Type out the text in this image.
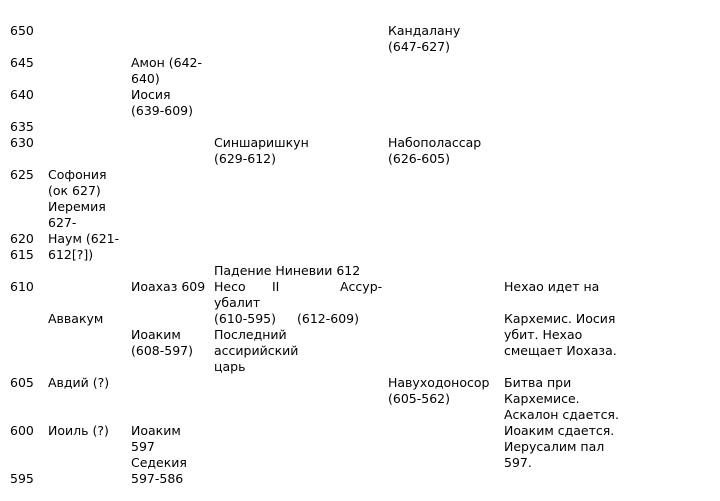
650
645
640
635
630
625
620
615
610
605
600
595
Софония
(ок 627)
Иеремия
627-
Наум (621-
612[?])
Аввакум
Авдий (?)
Иоиль (?)
Амон (642-
640)
Иосия
(639-609)
Иоахаз 609
Иоаким
(608-597)
Иоаким
597
Седекия
597-586
Синшаришкун
(629-612)
Падение Ниневии 612
Несо II	Ассур-
убалит
(610-595) (612-609)
Последний
ассирийский
царь
Кандалану
(647-627)
Набополассар
(626-605)
Навуходоносор
(605-562)
Нехао идет на
Кархемис. Иосия
убит. Нехао
смещает Иохаза.
Битва при
Кархемисе.
Аскалон сдается.
Иоаким сдается.
Иерусалим пал
597.
